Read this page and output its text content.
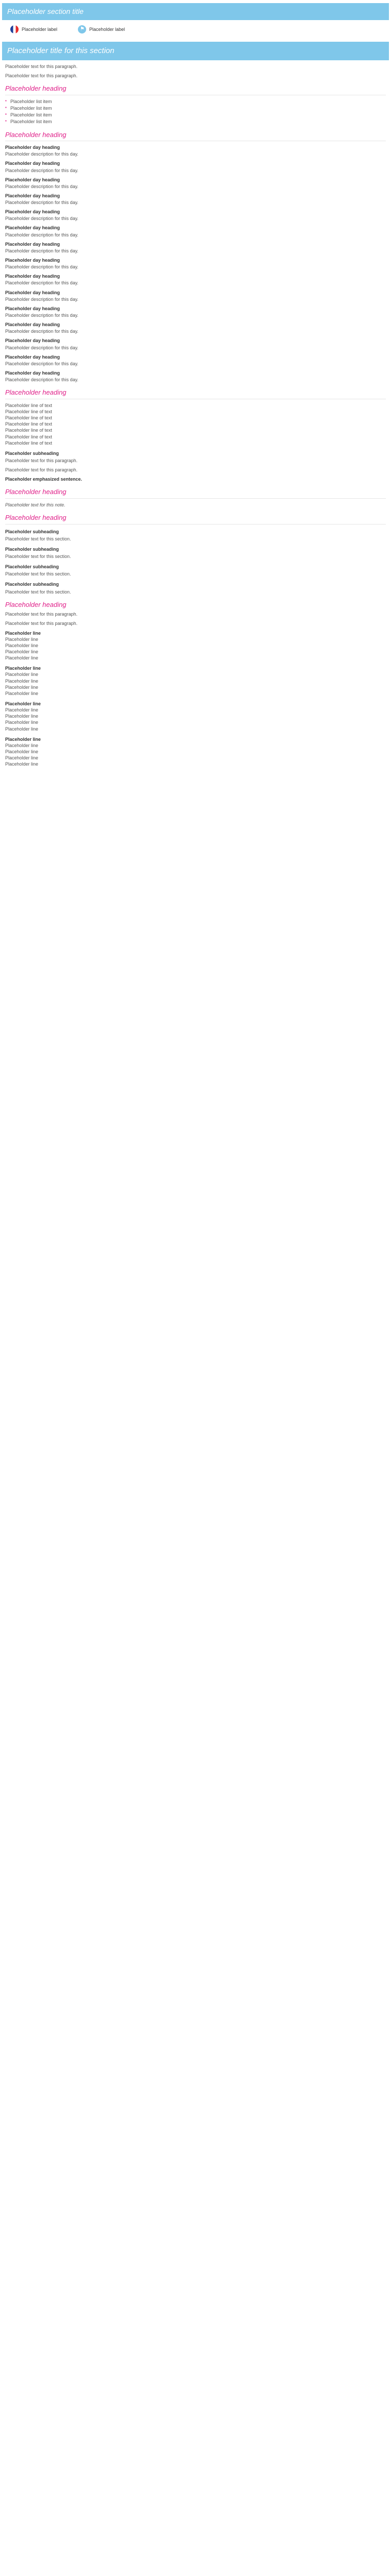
Placeholder section title
Placeholder label
⚑	Placeholder label
Placeholder title for this section

Placeholder text for this paragraph.

Placeholder text for this paragraph.

Placeholder heading
▪ Placeholder list item
▪ Placeholder list item
▪ Placeholder list item
▪ Placeholder list item
Placeholder heading

Placeholder day heading

Placeholder description for this day.

Placeholder day heading

Placeholder description for this day.

Placeholder day heading

Placeholder description for this day.

Placeholder day heading

Placeholder description for this day.

Placeholder day heading

Placeholder description for this day.

Placeholder day heading

Placeholder description for this day.

Placeholder day heading

Placeholder description for this day.

Placeholder day heading

Placeholder description for this day.

Placeholder day heading

Placeholder description for this day.

Placeholder day heading

Placeholder description for this day.

Placeholder day heading

Placeholder description for this day.

Placeholder day heading

Placeholder description for this day.

Placeholder day heading

Placeholder description for this day.

Placeholder day heading

Placeholder description for this day.

Placeholder day heading

Placeholder description for this day.

Placeholder heading

Placeholder line of text

Placeholder line of text

Placeholder line of text

Placeholder line of text

Placeholder line of text

Placeholder line of text

Placeholder line of text

Placeholder subheading

Placeholder text for this paragraph.

Placeholder text for this paragraph.

Placeholder emphasized sentence.

Placeholder heading

Placeholder text for this note.

Placeholder heading
Placeholder subheading

Placeholder text for this section.

Placeholder subheading

Placeholder text for this section.

Placeholder subheading

Placeholder text for this section.

Placeholder subheading

Placeholder text for this section.

Placeholder heading

Placeholder text for this paragraph.

Placeholder text for this paragraph.

Placeholder line

Placeholder line

Placeholder line

Placeholder line

Placeholder line

Placeholder line

Placeholder line

Placeholder line

Placeholder line

Placeholder line

Placeholder line

Placeholder line

Placeholder line

Placeholder line

Placeholder line

Placeholder line

Placeholder line

Placeholder line

Placeholder line

Placeholder line
